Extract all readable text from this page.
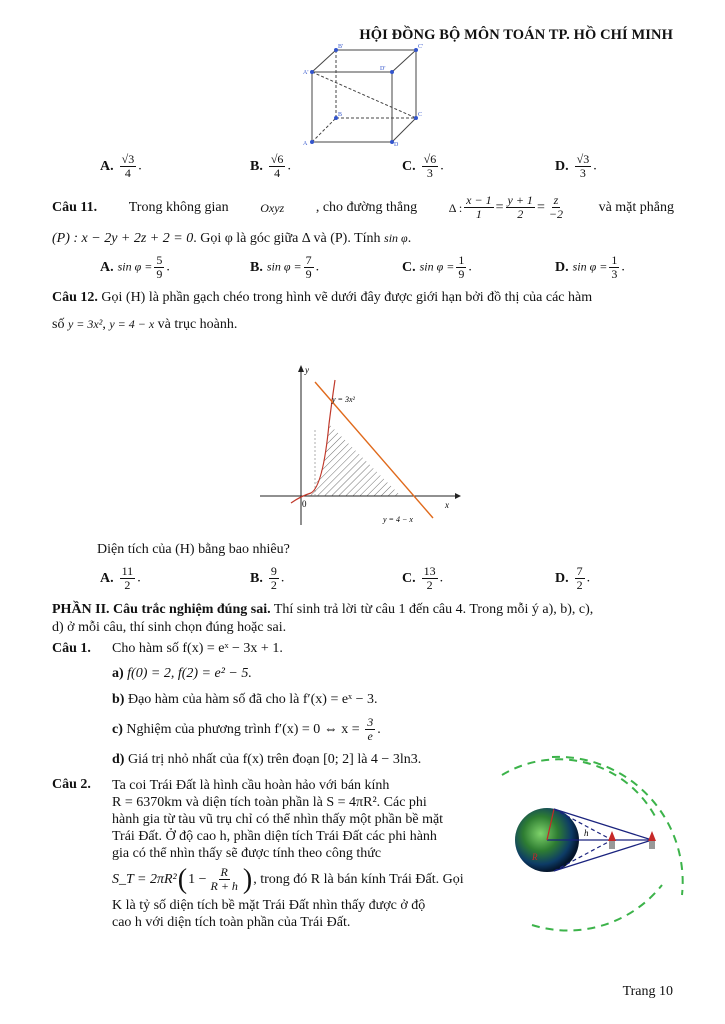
HỘI ĐỒNG BỘ MÔN TOÁN TP. HỒ CHÍ MINH
A'
A
B	C
D
D'
B'	C'
A. $\frac{√3}{4}$ .	B. $\frac{√6}{4}$ .	C. $\frac{√6}{3}$ .	D. $\frac{√3}{3}$ .
Câu 11. Trong không gian	Oxyz , cho đường thẳng	Δ : $\frac{x - 1}{1} = \frac{y + 1}{2} = \frac{z}{-2}$ và mặt phẳng
(P) : x − 2y + 2z + 2 = 0. Gọi φ là góc giữa Δ và (P). Tính sin φ.
A. $\sin \varphi = \frac{5}{9}$ .	B. $\sin \varphi = \frac{7}{9}$ .	C. $\sin \varphi = \frac{1}{9}$ .	D. $\sin \varphi = \frac{1}{3}$ .
Câu 12. Gọi (H) là phần gạch chéo trong hình vẽ dưới đây được giới hạn bởi đồ thị của các hàm
số y = 3x², y = 4 − x và trục hoành.
y
x
0
y = 3x²
y = 4 − x
Diện tích của (H) bằng bao nhiêu?
A. $\frac{11}{2}$ .	B. $\frac{9}{2}$ .	C. $\frac{13}{2}$ .	D. $\frac{7}{2}$ .
PHẦN II. Câu trắc nghiệm đúng sai. Thí sinh trả lời từ câu 1 đến câu 4. Trong mỗi ý a), b), c),
d) ở mỗi câu, thí sinh chọn đúng hoặc sai.
Câu 1. Cho hàm số f(x) = eˣ − 3x + 1.
a) f(0) = 2, f(2) = e² − 5.
b) Đạo hàm của hàm số đã cho là f′(x) = eˣ − 3.
c) Nghiệm của phương trình f′(x) = 0 ⇔ $x = \frac{3}{e}$ .
d) Giá trị nhỏ nhất của f(x) trên đoạn [0; 2] là 4 − 3ln3.
Câu 2. Ta coi Trái Đất là hình cầu hoàn hảo với bán kính
R = 6370km và diện tích toàn phần là S = 4πR². Các phi
hành gia từ tàu vũ trụ chỉ có thể nhìn thấy một phần bề mặt
Trái Đất. Ở độ cao h, phần diện tích Trái Đất các phi hành
gia có thể nhìn thấy sẽ được tính theo công thức
S_T = 2πR² ( $1 - \frac{R}{R + h}$ ) , trong đó R là bán kính Trái Đất. Gọi
K là tỷ số diện tích bề mặt Trái Đất nhìn thấy được ở độ
cao h với diện tích toàn phần của Trái Đất.
h
R
Trang 10
